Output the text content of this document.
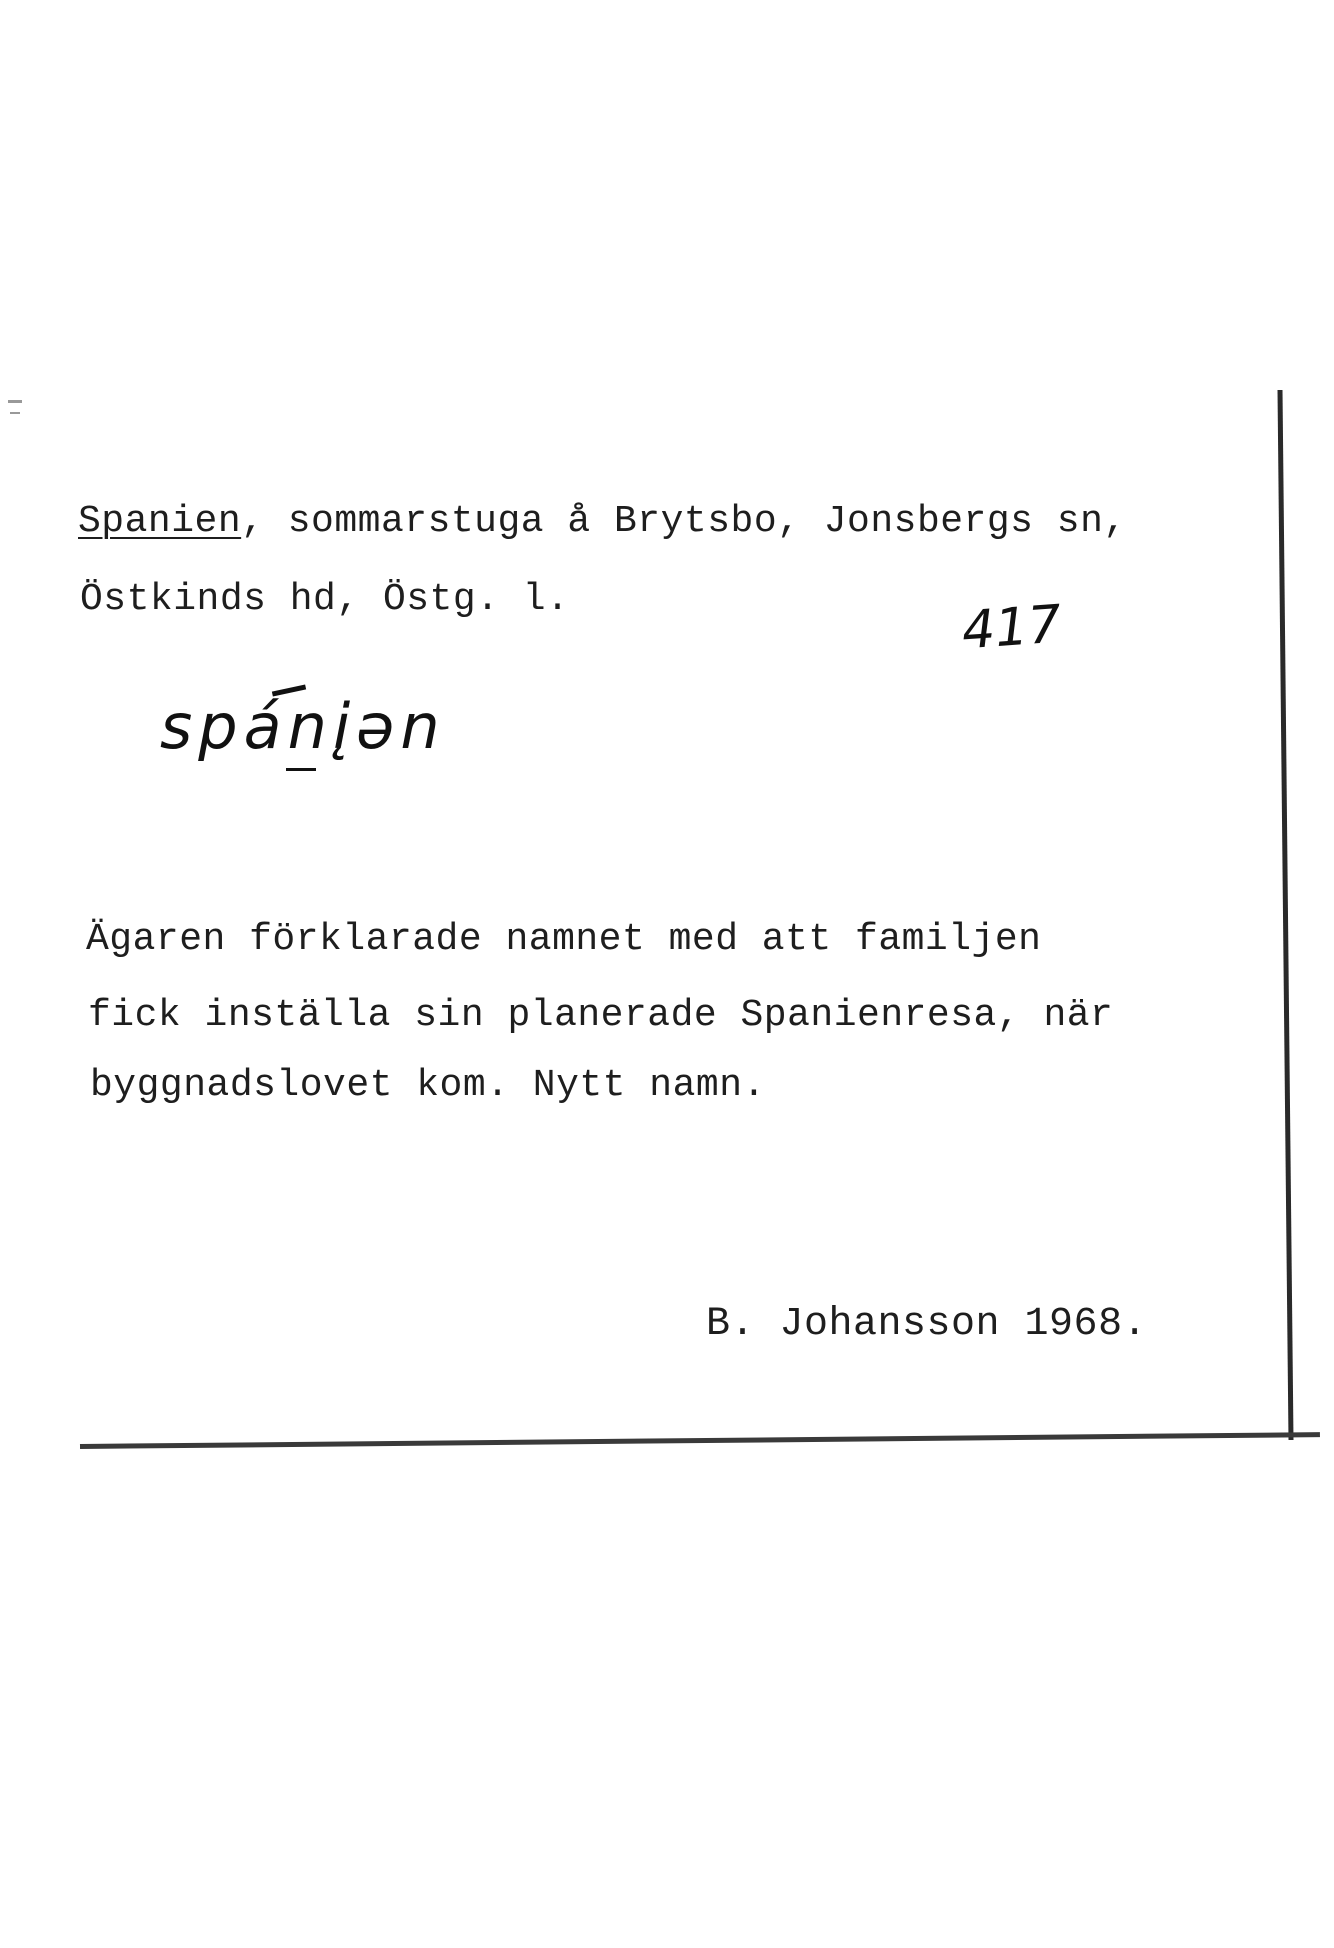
Spanien, sommarstuga å Brytsbo, Jonsbergs sn,
Östkinds hd, Östg. l.	417
spánįən
Ägaren förklarade namnet med att familjen
fick inställa sin planerade Spanienresa, när
byggnadslovet kom. Nytt namn.
B. Johansson 1968.
